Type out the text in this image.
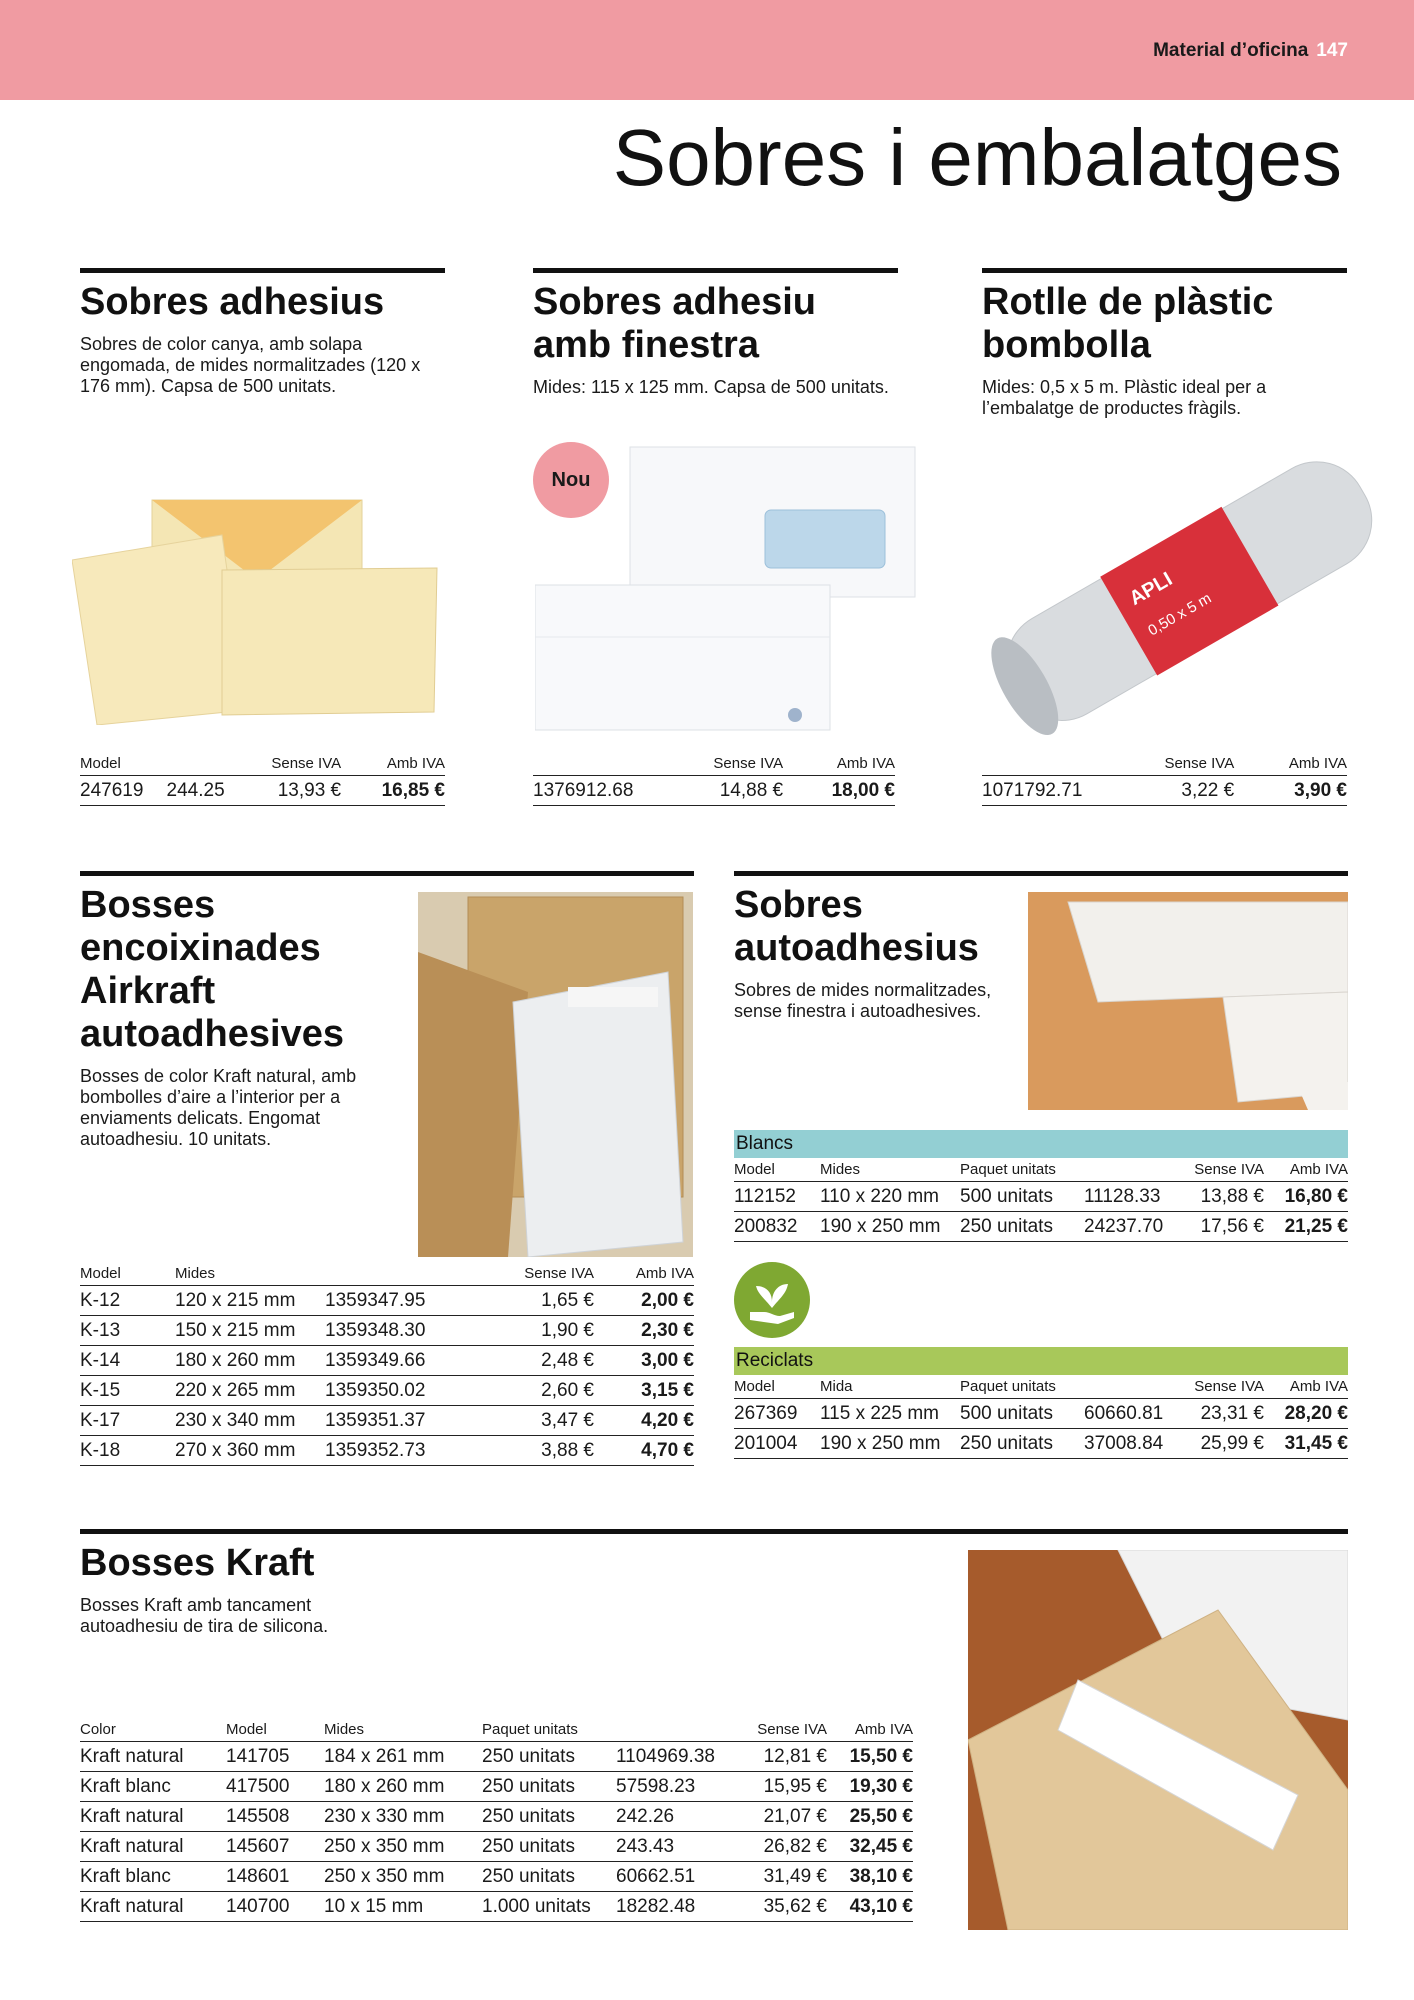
Material d’oficina 147
Sobres i embalatges
Sobres adhesius
Sobres de color canya, amb solapa engomada, de mides normalitzades (120 x 176 mm). Capsa de 500 unitats.
Model		Sense IVA	Amb IVA
247619	244.25	13,93 €	16,85 €
Sobres adhesiu amb finestra
Mides: 115 x 125 mm. Capsa de 500 unitats.
Nou
	Sense IVA	Amb IVA
1376912.68	14,88 €	18,00 €
Rotlle de plàstic bombolla
Mides: 0,5 x 5 m. Plàstic ideal per a l’embalatge de productes fràgils.
APLI
0,50 x 5 m
	Sense IVA	Amb IVA
1071792.71	3,22 €	3,90 €
Bosses encoixinades Airkraft autoadhesives
Bosses de color Kraft natural, amb bombolles d’aire a l’interior per a enviaments delicats. Engomat autoadhesiu. 10 unitats.
Model	Mides		Sense IVA	Amb IVA
K-12	120 x 215 mm	1359347.95	1,65 €	2,00 €
K-13	150 x 215 mm	1359348.30	1,90 €	2,30 €
K-14	180 x 260 mm	1359349.66	2,48 €	3,00 €
K-15	220 x 265 mm	1359350.02	2,60 €	3,15 €
K-17	230 x 340 mm	1359351.37	3,47 €	4,20 €
K-18	270 x 360 mm	1359352.73	3,88 €	4,70 €
Sobres autoadhesius
Sobres de mides normalitzades, sense finestra i autoadhesives.
Blancs
Model	Mides	Paquet unitats		Sense IVA	Amb IVA
112152	110 x 220 mm	500 unitats	11128.33	13,88 €	16,80 €
200832	190 x 250 mm	250 unitats	24237.70	17,56 €	21,25 €
Reciclats
Model	Mida	Paquet unitats		Sense IVA	Amb IVA
267369	115 x 225 mm	500 unitats	60660.81	23,31 €	28,20 €
201004	190 x 250 mm	250 unitats	37008.84	25,99 €	31,45 €
Bosses Kraft
Bosses Kraft amb tancament autoadhesiu de tira de silicona.
Color	Model	Mides	Paquet unitats		Sense IVA	Amb IVA
Kraft natural	141705	184 x 261 mm	250 unitats	1104969.38	12,81 €	15,50 €
Kraft blanc	417500	180 x 260 mm	250 unitats	57598.23	15,95 €	19,30 €
Kraft natural	145508	230 x 330 mm	250 unitats	242.26	21,07 €	25,50 €
Kraft natural	145607	250 x 350 mm	250 unitats	243.43	26,82 €	32,45 €
Kraft blanc	148601	250 x 350 mm	250 unitats	60662.51	31,49 €	38,10 €
Kraft natural	140700	10 x 15 mm	1.000 unitats	18282.48	35,62 €	43,10 €
